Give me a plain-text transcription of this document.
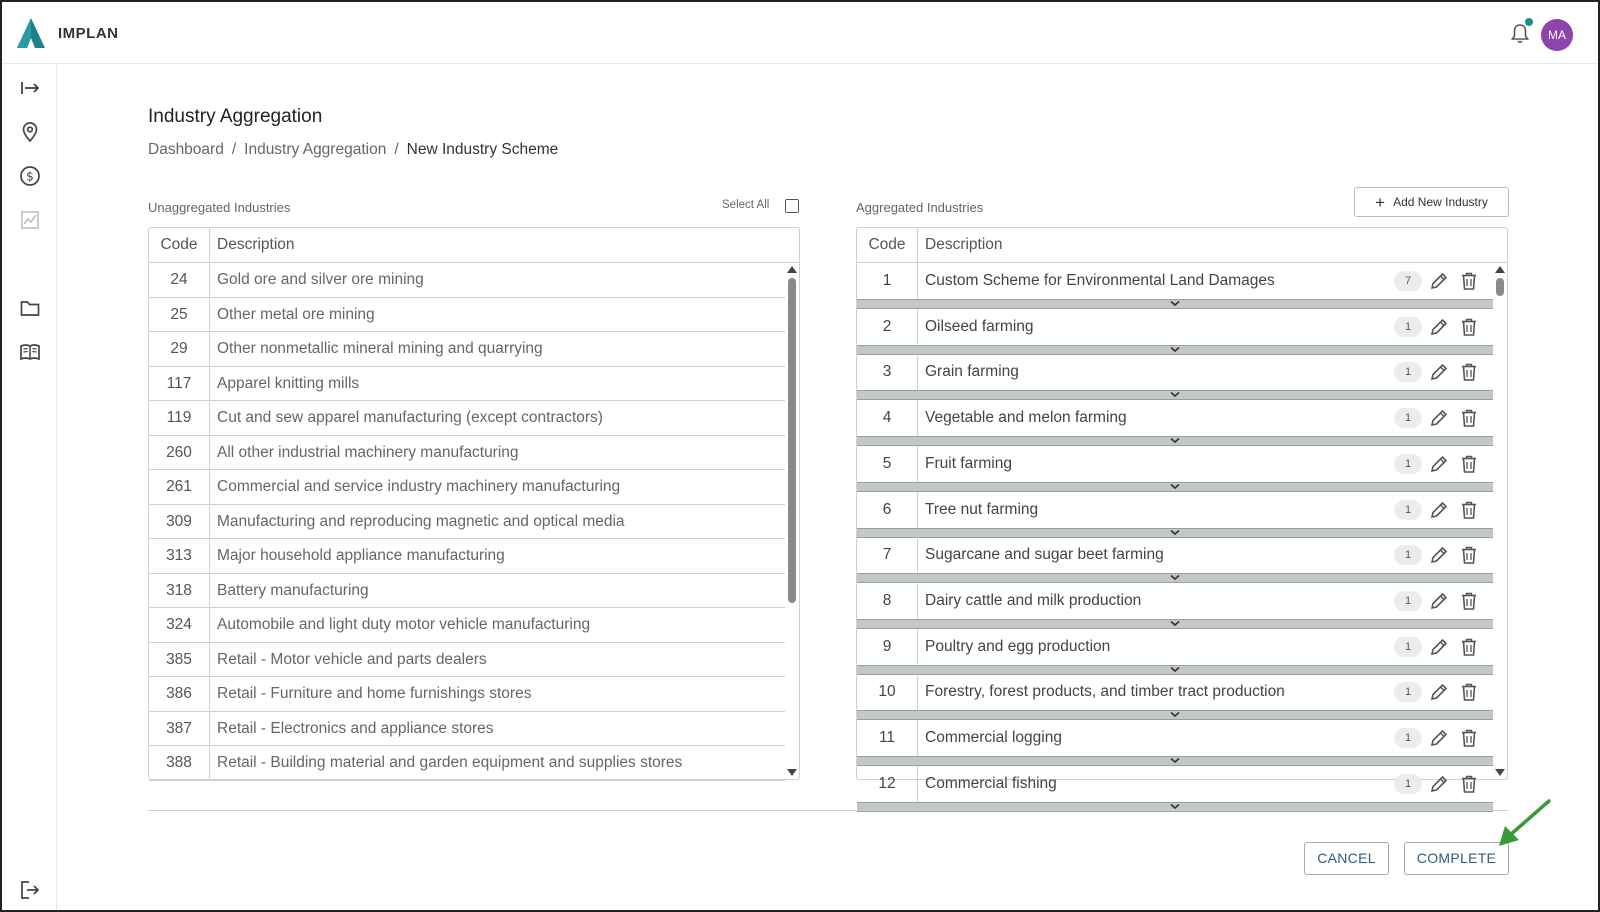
IMPLAN	MA
$
Industry Aggregation
Dashboard / Industry Aggregation / New Industry Scheme
Unaggregated Industries	Select All	Aggregated Industries	+ Add New Industry
Code	Description
24	Gold ore and silver ore mining
25	Other metal ore mining
29	Other nonmetallic mineral mining and quarrying
117	Apparel knitting mills
119	Cut and sew apparel manufacturing (except contractors)
260	All other industrial machinery manufacturing
261	Commercial and service industry machinery manufacturing
309	Manufacturing and reproducing magnetic and optical media
313	Major household appliance manufacturing
318	Battery manufacturing
324	Automobile and light duty motor vehicle manufacturing
385	Retail - Motor vehicle and parts dealers
386	Retail - Furniture and home furnishings stores
387	Retail - Electronics and appliance stores
388	Retail - Building material and garden equipment and supplies stores
Code	Description
1	Custom Scheme for Environmental Land Damages	7
2	Oilseed farming	1
3	Grain farming	1
4	Vegetable and melon farming	1
5	Fruit farming	1
6	Tree nut farming	1
7	Sugarcane and sugar beet farming	1
8	Dairy cattle and milk production	1
9	Poultry and egg production	1
10	Forestry, forest products, and timber tract production	1
11	Commercial logging	1
12	Commercial fishing	1
CANCEL	COMPLETE
